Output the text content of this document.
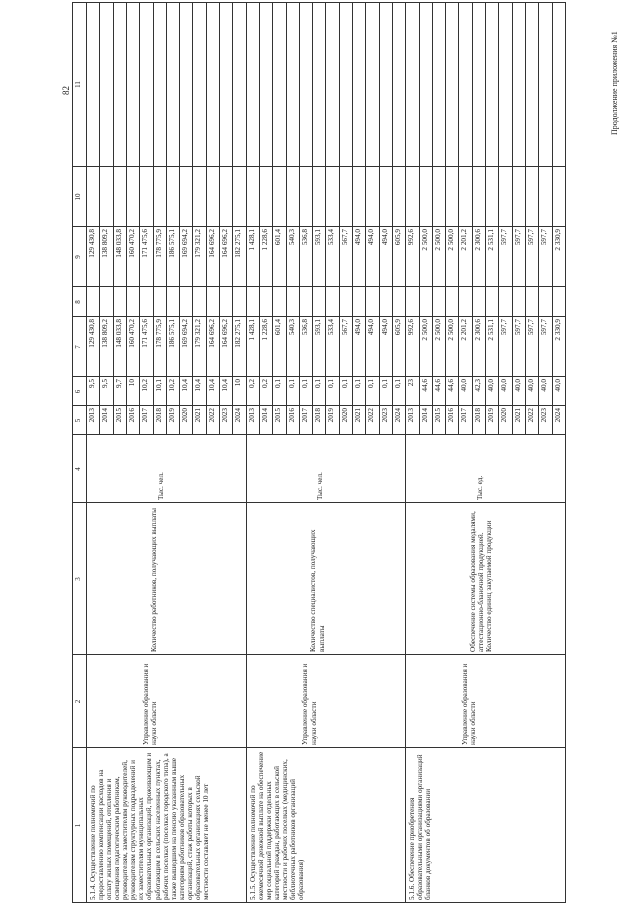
82	Продолжение приложения №1
1
2
3
4
5
6
7
8
9
10
11
5.1.4. Осуществление полномочий по предоставлению компенсации расходов на оплату жилых помещений, отопления и освещения педагогическим работникам, руководителям, заместителям руководителей, руководителям структурных подразделений и их заместителям муниципальных образовательных организаций, проживающим и работающим в сельских населенных пунктах, рабочих поселках (поселках городского типа), а также вышедшим на пенсию указанным выше категориям работников образовательных организаций, стаж работы которых в образовательных организациях сельской местности составляет не менее 10 лет
Управление образования и науки области
Количество работников, получающих выплаты
Тыс. чел.
2013
9,5
129 430,8
129 430,8
2014
9,5
138 809,2
138 809,2
2015
9,7
148 033,8
148 033,8
2016
10
160 470,2
160 470,2
2017
10,2
171 475,6
171 475,6
2018
10,1
178 775,9
178 775,9
2019
10,2
186 575,1
186 575,1
2020
10,4
169 694,2
169 694,2
2021
10,4
179 321,2
179 321,2
2022
10,4
164 696,2
164 696,2
2023
10,4
164 696,2
164 696,2
2024
10
182 275,1
182 275,1
5.1.5. Осуществление полномочий по ежемесячной денежной выплате на обеспечение мер социальной поддержки отдельных категорий граждан, работающих в сельской местности и рабочих поселках (медицинских, библиотечных работников организаций образования)
Управление образования и науки области
Количество специалистов, получающих выплаты
Тыс. чел.
2013
0,2
1 428,1
1 428,1
2014
0,2
1 228,6
1 228,6
2015
0,1
601,4
601,4
2016
0,1
540,3
540,3
2017
0,1
536,8
536,8
2018
0,1
593,1
593,1
2019
0,1
533,4
533,4
2020
0,1
567,7
567,7
2021
0,1
494,0
494,0
2022
0,1
494,0
494,0
2023
0,1
494,0
494,0
2024
0,1
605,9
605,9
5.1.6. Обеспечение приобретения образовательными организациями организаций бланков документов об образовании
Управление образования и науки области
Обеспечение системы образования медалями, аттестационно-бланочной продукцией. Количество единиц закупаемой продукции
Тыс. ед.
2013
23
992,6
992,6
2014
44,6
2 500,0
2 500,0
2015
44,6
2 500,0
2 500,0
2016
44,6
2 500,0
2 500,0
2017
40,0
2 201,2
2 201,2
2018
42,3
2 300,6
2 300,6
2019
40,0
2 531,1
2 531,1
2020
40,0
597,7
597,7
2021
40,0
597,7
597,7
2022
40,0
597,7
597,7
2023
40,0
597,7
597,7
2024
40,0
2 330,9
2 330,9
